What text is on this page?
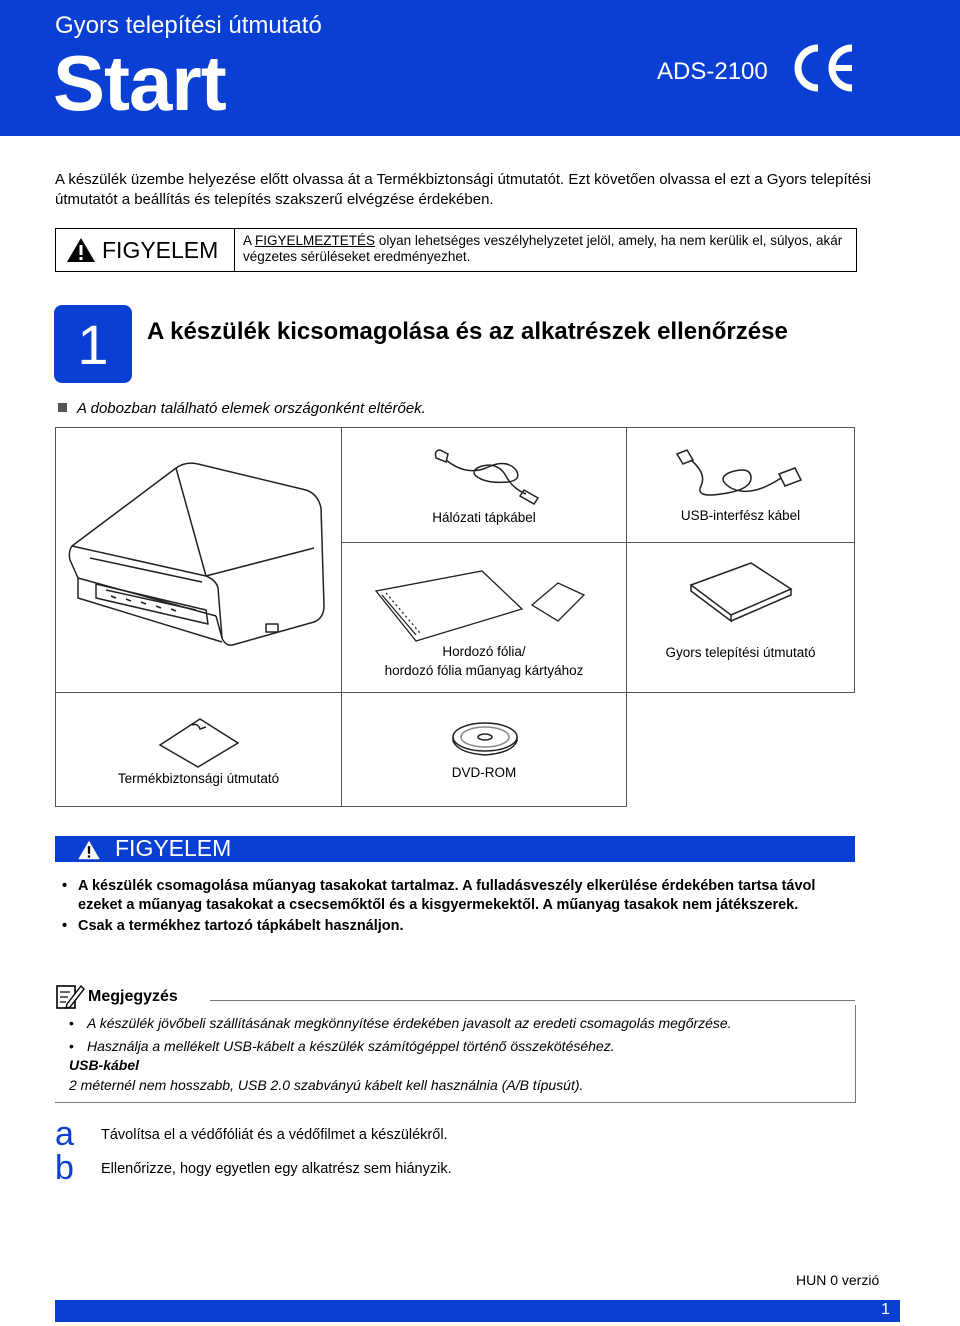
Gyors telepítési útmutató
Start	ADS-2100
A készülék üzembe helyezése előtt olvassa át a Termékbiztonsági útmutatót. Ezt követően olvassa el ezt a Gyors telepítési útmutatót a beállítás és telepítés szakszerű elvégzése érdekében.
FIGYELEM A FIGYELMEZTETÉS olyan lehetséges veszélyhelyzetet jelöl, amely, ha nem kerülik el, súlyos, akár végzetes sérüléseket eredményezhet.
1	A készülék kicsomagolása és az alkatrészek ellenőrzése
A dobozban található elemek országonként eltérőek.
Hálózati tápkábel	USB-interfész kábel
Hordozó fólia/
hordozó fólia műanyag kártyához
Gyors telepítési útmutató
Termékbiztonsági útmutató	DVD-ROM
FIGYELEM
• A készülék csomagolása műanyag tasakokat tartalmaz. A fulladásveszély elkerülése érdekében tartsa távol ezeket a műanyag tasakokat a csecsemőktől és a kisgyermekektől. A műanyag tasakok nem játékszerek.
• Csak a termékhez tartozó tápkábelt használjon.
Megjegyzés
• A készülék jövőbeli szállításának megkönnyítése érdekében javasolt az eredeti csomagolás megőrzése.
• Használja a mellékelt USB-kábelt a készülék számítógéppel történő összekötéséhez.
USB-kábel
2 méternél nem hosszabb, USB 2.0 szabványú kábelt kell használnia (A/B típusút).
a Távolítsa el a védőfóliát és a védőfilmet a készülékről.
b Ellenőrizze, hogy egyetlen egy alkatrész sem hiányzik.
HUN 0 verzió
1
